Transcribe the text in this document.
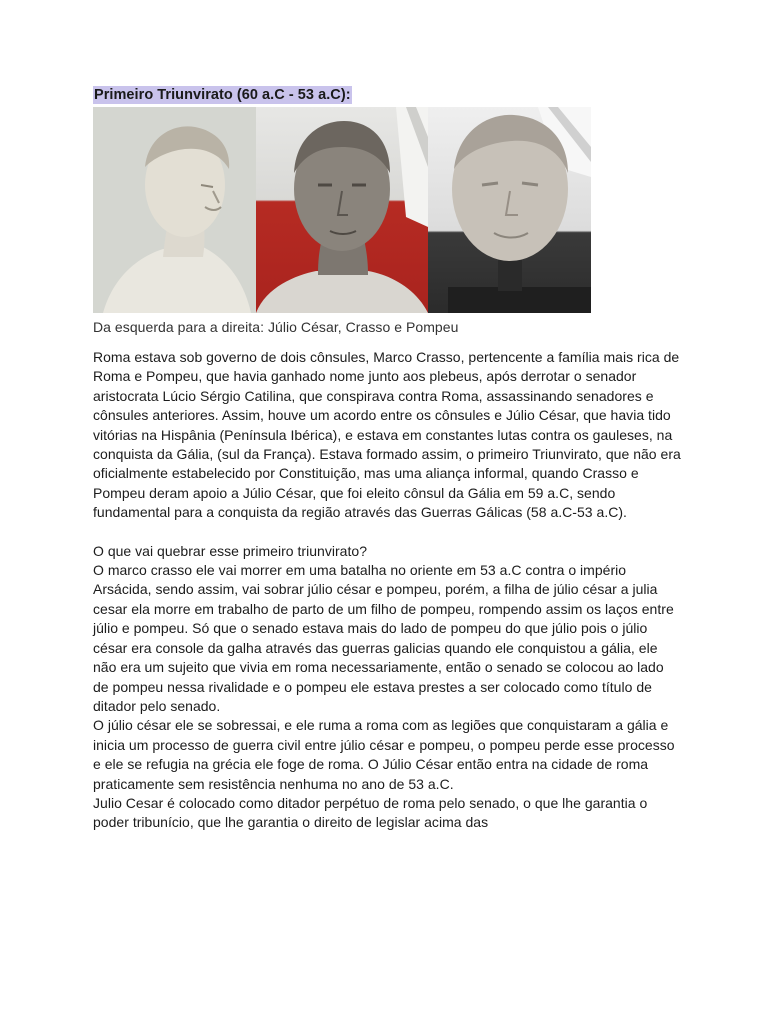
Primeiro Triunvirato (60 a.C - 53 a.C):
Da esquerda para a direita: Júlio César, Crasso e Pompeu

Roma estava sob governo de dois cônsules, Marco Crasso, pertencente a família mais rica de Roma e Pompeu, que havia ganhado nome junto aos plebeus, após derrotar o senador aristocrata Lúcio Sérgio Catilina, que conspirava contra Roma, assassinando senadores e cônsules anteriores. Assim, houve um acordo entre os cônsules e Júlio César, que havia tido vitórias na Hispânia (Península Ibérica), e estava em constantes lutas contra os gauleses, na conquista da Gália, (sul da França). Estava formado assim, o primeiro Triunvirato, que não era oficialmente estabelecido por Constituição, mas uma aliança informal, quando Crasso e Pompeu deram apoio a Júlio César, que foi eleito cônsul da Gália em 59 a.C, sendo fundamental para a conquista da região através das Guerras Gálicas (58 a.C-53 a.C).

O que vai quebrar esse primeiro triunvirato?

O marco crasso ele vai morrer em uma batalha no oriente em 53 a.C contra o império Arsácida, sendo assim, vai sobrar júlio césar e pompeu, porém, a filha de júlio césar a julia cesar ela morre em trabalho de parto de um filho de pompeu, rompendo assim os laços entre júlio e pompeu. Só que o senado estava mais do lado de pompeu do que júlio pois o júlio césar era console da galha através das guerras galicias quando ele conquistou a gália, ele não era um sujeito que vivia em roma necessariamente, então o senado se colocou ao lado de pompeu nessa rivalidade e o pompeu ele estava prestes a ser colocado como título de ditador pelo senado.

O júlio césar ele se sobressai, e ele ruma a roma com as legiões que conquistaram a gália e inicia um processo de guerra civil entre júlio césar e pompeu, o pompeu perde esse processo e ele se refugia na grécia ele foge de roma. O Júlio César então entra na cidade de roma praticamente sem resistência nenhuma no ano de 53 a.C.

Julio Cesar é colocado como ditador perpétuo de roma pelo senado, o que lhe garantia o poder tribunício, que lhe garantia o direito de legislar acima das
